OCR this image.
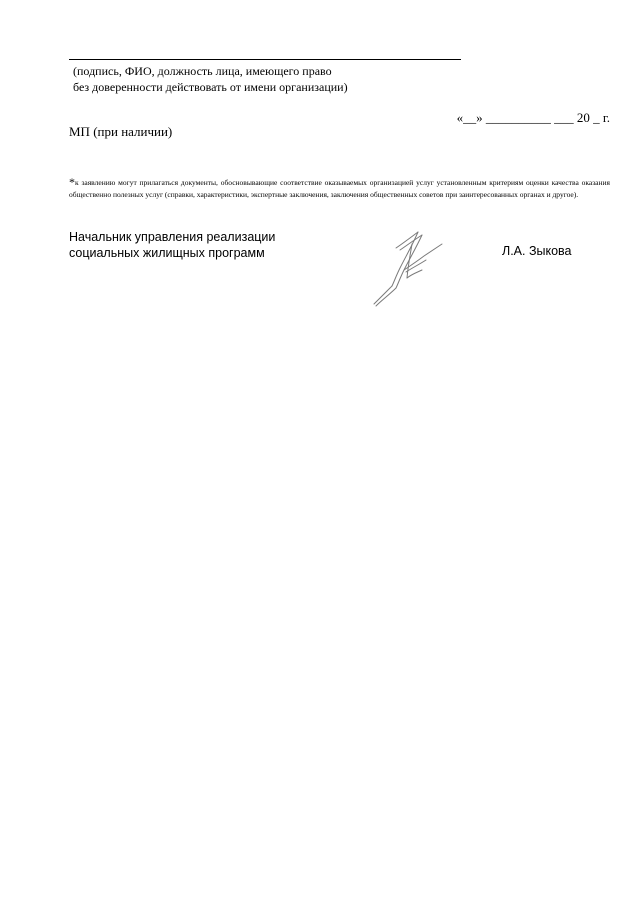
(подпись, ФИО, должность лица, имеющего право
без доверенности действовать от имени организации)
«__» __________ ___ 20 _ г.
МП (при наличии)
*к заявлению могут прилагаться документы, обосновывающие соответствие оказываемых организацией услуг установленным критериям оценки качества оказания общественно полезных услуг (справки, характеристики, экспертные заключения, заключения общественных советов при заинтересованных органах и другое).
Начальник управления реализации
социальных жилищных программ	Л.А. Зыкова
